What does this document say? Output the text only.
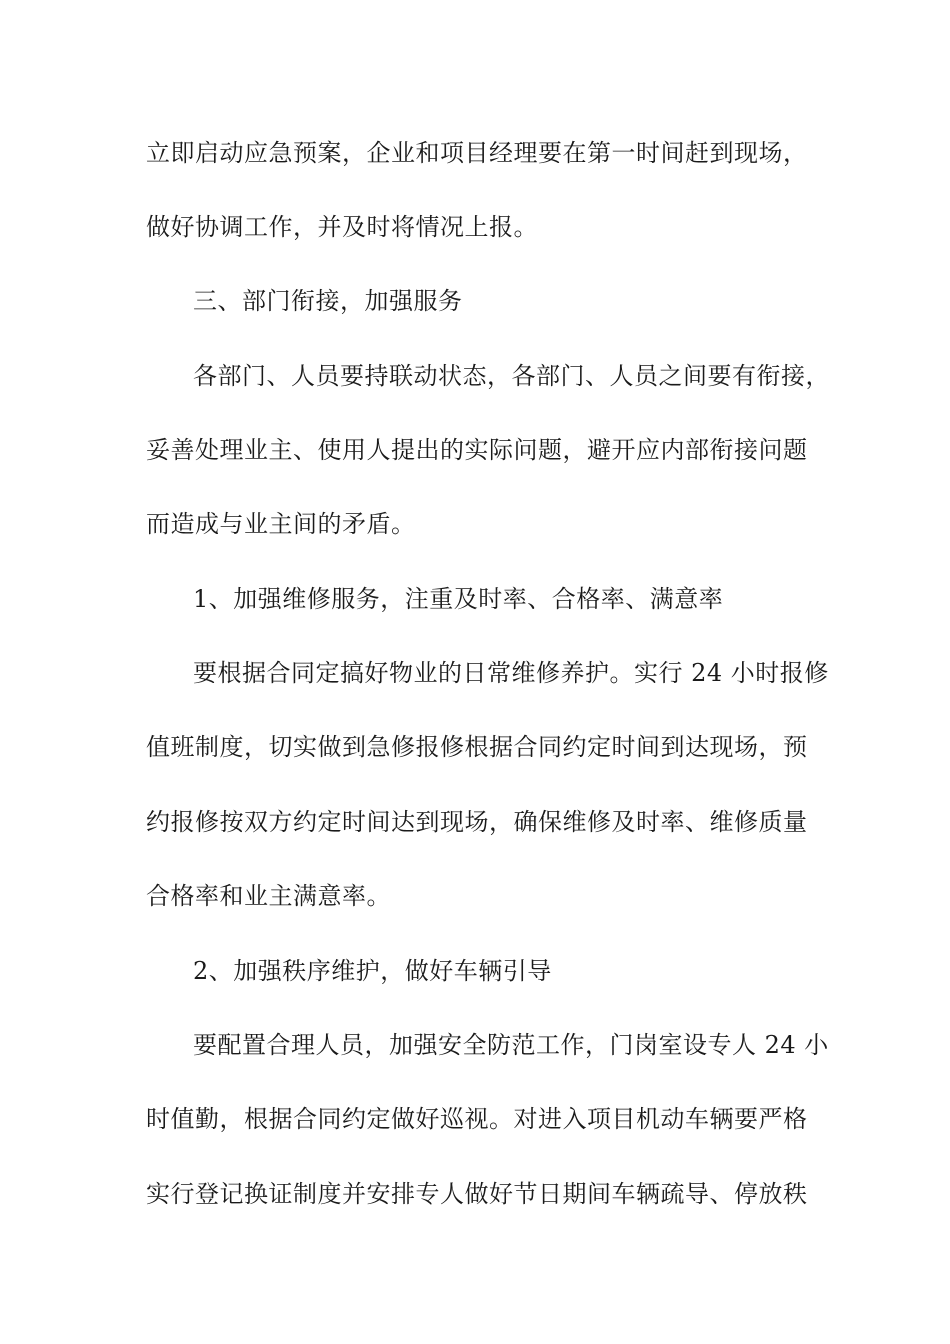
立即启动应急预案，企业和项目经理要在第一时间赶到现场，
做好协调工作，并及时将情况上报。
三、部门衔接，加强服务
各部门、人员要持联动状态，各部门、人员之间要有衔接，
妥善处理业主、使用人提出的实际问题，避开应内部衔接问题
而造成与业主间的矛盾。
1、加强维修服务，注重及时率、合格率、满意率
要根据合同定搞好物业的日常维修养护。实行 24 小时报修
值班制度，切实做到急修报修根据合同约定时间到达现场，预
约报修按双方约定时间达到现场，确保维修及时率、维修质量
合格率和业主满意率。
2、加强秩序维护，做好车辆引导
要配置合理人员，加强安全防范工作，门岗室设专人 24 小
时值勤，根据合同约定做好巡视。对进入项目机动车辆要严格
实行登记换证制度并安排专人做好节日期间车辆疏导、停放秩
